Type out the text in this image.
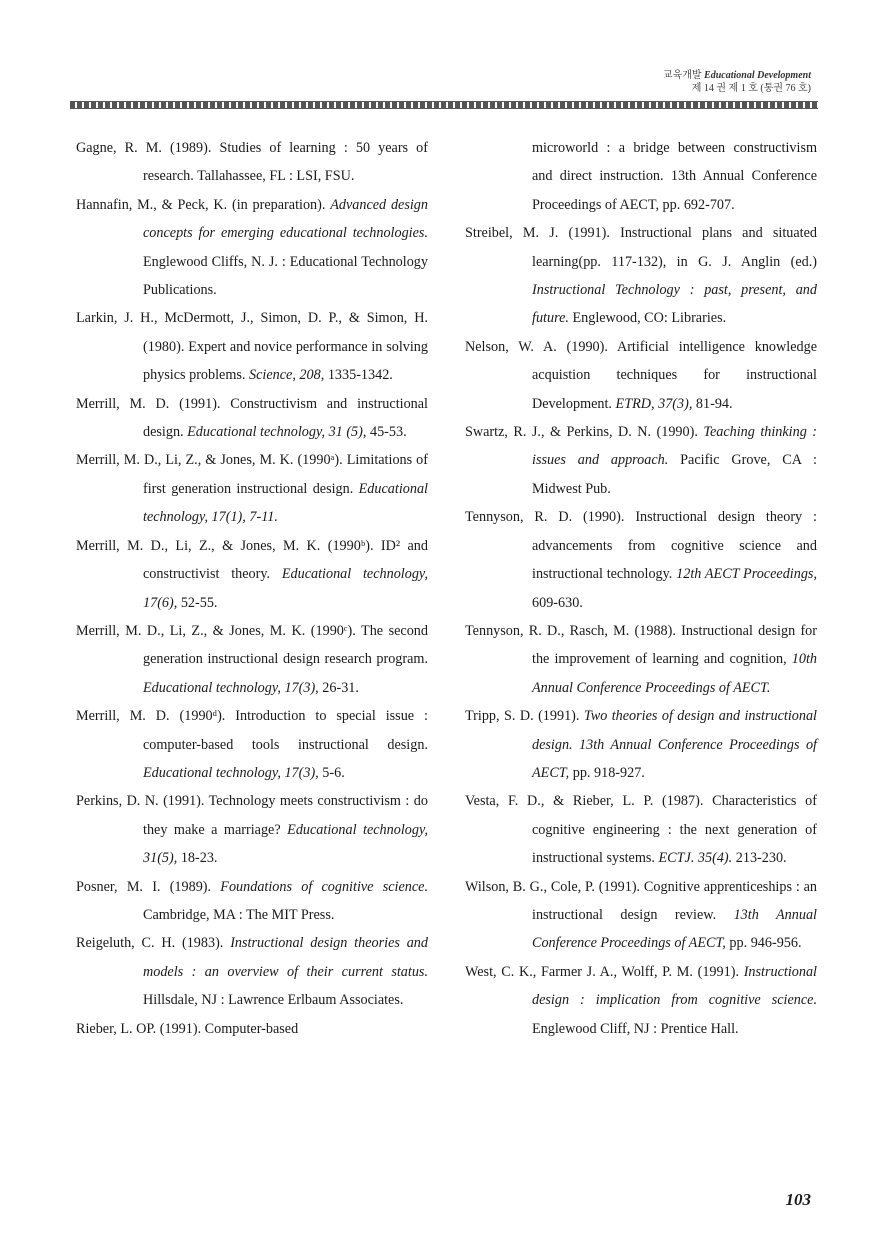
교육개발 Educational Development
제 14 권 제 1 호 (통권 76 호)

Gagne, R. M. (1989). Studies of learning : 50 years of research. Tallahassee, FL : LSI, FSU.

Hannafin, M., & Peck, K. (in preparation). Advanced design concepts for emerging educational technologies. Englewood Cliffs, N. J. : Educational Technology Publications.

Larkin, J. H., McDermott, J., Simon, D. P., & Simon, H. (1980). Expert and novice performance in solving physics problems. Science, 208, 1335-1342.

Merrill, M. D. (1991). Constructivism and instructional design. Educational technology, 31 (5), 45-53.

Merrill, M. D., Li, Z., & Jones, M. K. (1990ᵃ). Limitations of first generation instructional design. Educational technology, 17(1), 7-11.

Merrill, M. D., Li, Z., & Jones, M. K. (1990ᵇ). ID² and constructivist theory. Educational technology, 17(6), 52-55.

Merrill, M. D., Li, Z., & Jones, M. K. (1990ᶜ). The second generation instructional design research program. Educational technology, 17(3), 26-31.

Merrill, M. D. (1990ᵈ). Introduction to special issue : computer-based tools instructional design. Educational technology, 17(3), 5-6.

Perkins, D. N. (1991). Technology meets constructivism : do they make a marriage? Educational technology, 31(5), 18-23.

Posner, M. I. (1989). Foundations of cognitive science. Cambridge, MA : The MIT Press.

Reigeluth, C. H. (1983). Instructional design theories and models : an overview of their current status. Hillsdale, NJ : Lawrence Erlbaum Associates.

Rieber, L. OP. (1991). Computer-based

microworld : a bridge between constructivism and direct instruction. 13th Annual Conference Proceedings of AECT, pp. 692-707.

Streibel, M. J. (1991). Instructional plans and situated learning(pp. 117-132), in G. J. Anglin (ed.) Instructional Technology : past, present, and future. Englewood, CO: Libraries.

Nelson, W. A. (1990). Artificial intelligence knowledge acquistion techniques for instructional Development. ETRD, 37(3), 81-94.

Swartz, R. J., & Perkins, D. N. (1990). Teaching thinking : issues and approach. Pacific Grove, CA : Midwest Pub.

Tennyson, R. D. (1990). Instructional design theory : advancements from cognitive science and instructional technology. 12th AECT Proceedings, 609-630.

Tennyson, R. D., Rasch, M. (1988). Instructional design for the improvement of learning and cognition, 10th Annual Conference Proceedings of AECT.

Tripp, S. D. (1991). Two theories of design and instructional design. 13th Annual Conference Proceedings of AECT, pp. 918-927.

Vesta, F. D., & Rieber, L. P. (1987). Characteristics of cognitive engineering : the next generation of instructional systems. ECTJ. 35(4). 213-230.

Wilson, B. G., Cole, P. (1991). Cognitive apprenticeships : an instructional design review. 13th Annual Conference Proceedings of AECT, pp. 946-956.

West, C. K., Farmer J. A., Wolff, P. M. (1991). Instructional design : implication from cognitive science. Englewood Cliff, NJ : Prentice Hall.

103
